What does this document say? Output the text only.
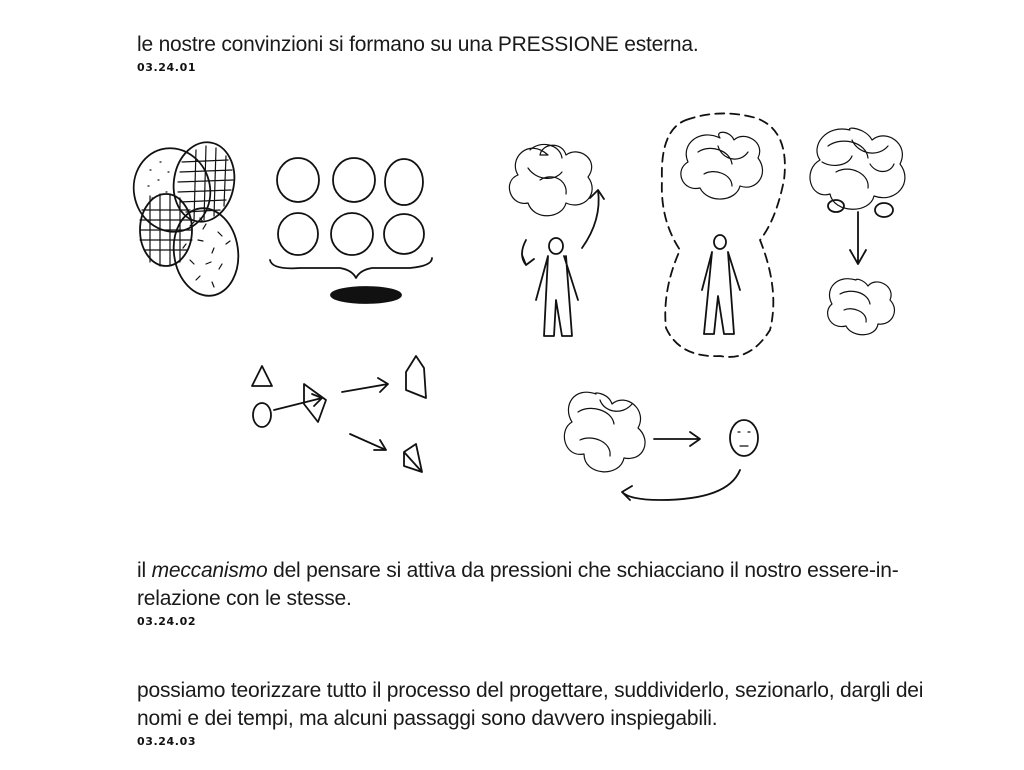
le nostre convinzioni si formano su una PRESSIONE esterna.

03.24.01

il meccanismo del pensare si attiva da pressioni che schiacciano il nostro essere-in-relazione con le stesse.

03.24.02

possiamo teorizzare tutto il processo del progettare, suddividerlo, sezionarlo, dargli dei nomi e dei tempi, ma alcuni passaggi sono davvero inspiegabili.

03.24.03
